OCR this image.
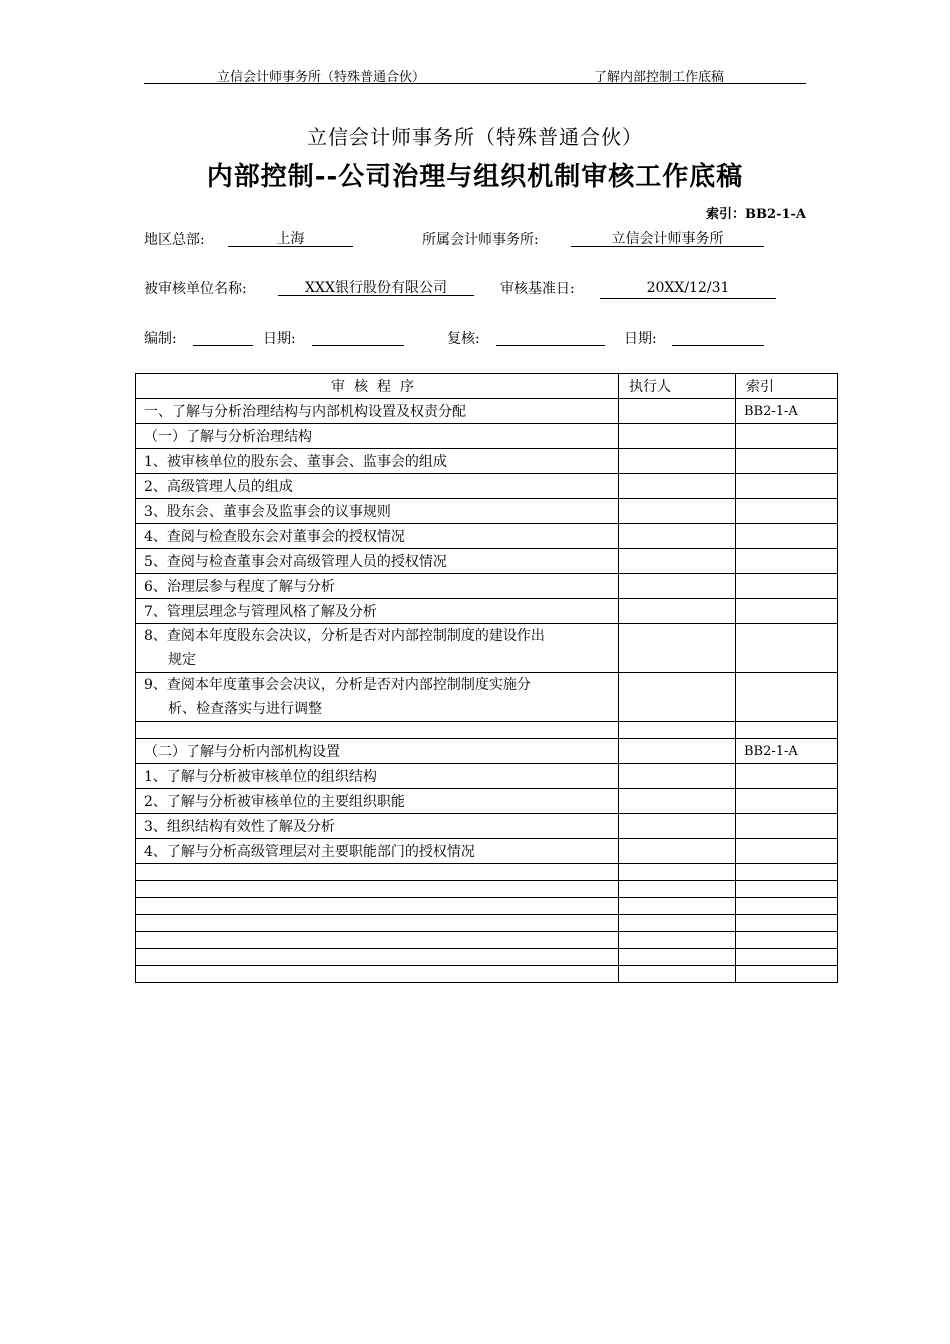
立信会计师事务所（特殊普通合伙）	了解内部控制工作底稿
立信会计师事务所（特殊普通合伙）
内部控制--公司治理与组织机制审核工作底稿
索引：BB2-1-A
地区总部:	上海	所属会计师事务所:	立信会计师事务所
被审核单位名称:	XXX银行股份有限公司	审核基准日:	20XX/12/31
编制:	日期:	复核:	日期:
审核程序	执行人	索引
一、了解与分析治理结构与内部机构设置及权责分配		BB2-1-A
（一）了解与分析治理结构		
1、被审核单位的股东会、董事会、监事会的组成		
2、高级管理人员的组成		
3、股东会、董事会及监事会的议事规则		
4、查阅与检查股东会对董事会的授权情况		
5、查阅与检查董事会对高级管理人员的授权情况		
6、治理层参与程度了解与分析		
7、管理层理念与管理风格了解及分析		

8、查阅本年度股东会决议，分析是否对内部控制制度的建设作出
规定		

9、查阅本年度董事会会决议，分析是否对内部控制制度实施分
析、检查落实与进行调整		

（二）了解与分析内部机构设置		BB2-1-A
1、了解与分析被审核单位的组织结构		
2、了解与分析被审核单位的主要组织职能		
3、组织结构有效性了解及分析		
4、了解与分析高级管理层对主要职能部门的授权情况		
